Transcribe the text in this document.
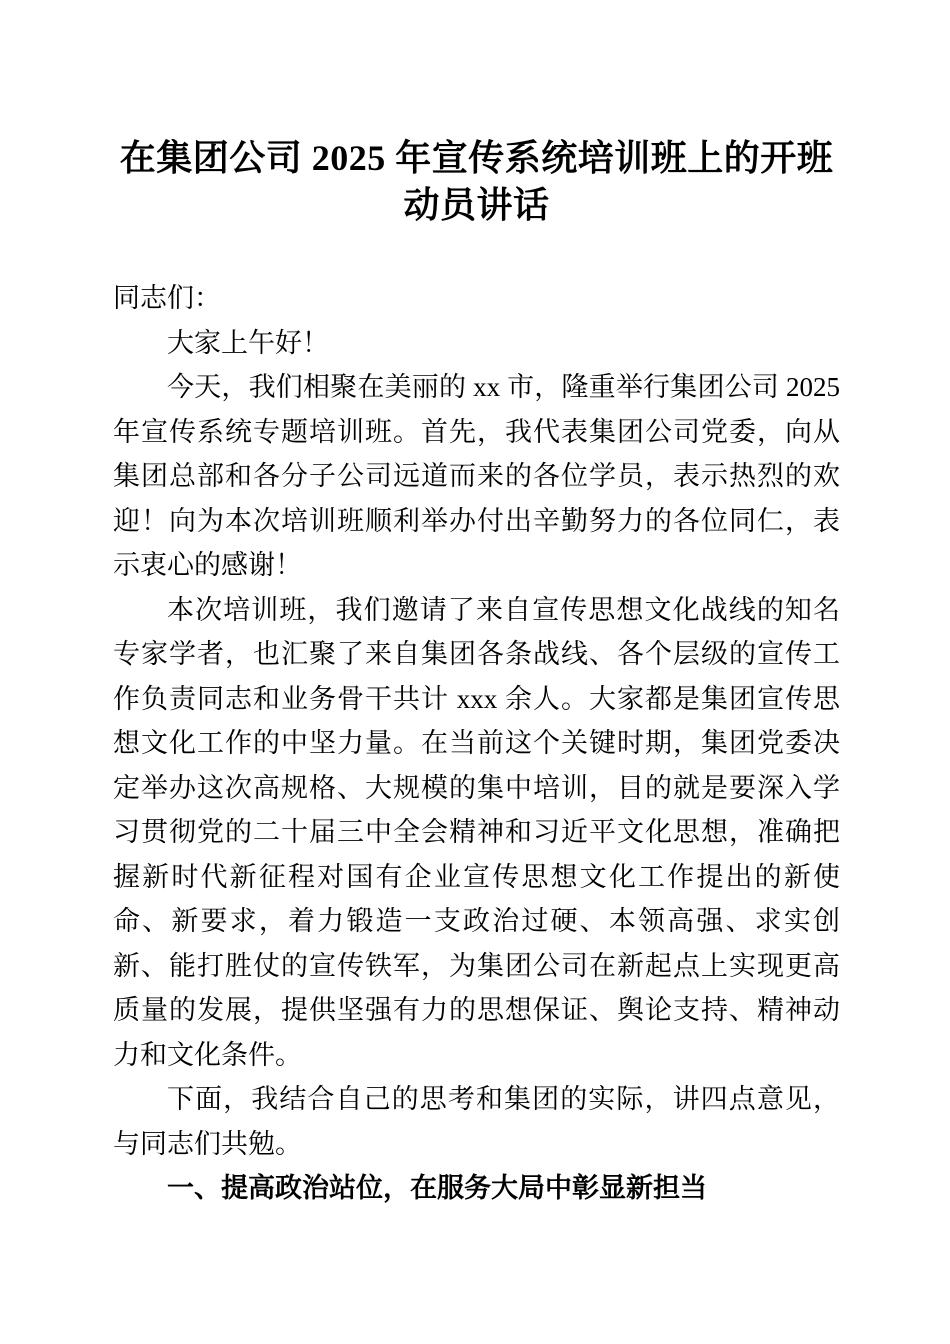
在集团公司 2025 年宣传系统培训班上的开班
动员讲话

同志们：

大家上午好！

今天，我们相聚在美丽的 xx 市，隆重举行集团公司 2025 年宣传系统专题培训班。首先，我代表集团公司党委，向从集团总部和各分子公司远道而来的各位学员，表示热烈的欢迎！向为本次培训班顺利举办付出辛勤努力的各位同仁，表示衷心的感谢！

本次培训班，我们邀请了来自宣传思想文化战线的知名专家学者，也汇聚了来自集团各条战线、各个层级的宣传工作负责同志和业务骨干共计 xxx 余人。大家都是集团宣传思想文化工作的中坚力量。在当前这个关键时期，集团党委决定举办这次高规格、大规模的集中培训，目的就是要深入学习贯彻党的二十届三中全会精神和习近平文化思想，准确把握新时代新征程对国有企业宣传思想文化工作提出的新使命、新要求，着力锻造一支政治过硬、本领高强、求实创新、能打胜仗的宣传铁军，为集团公司在新起点上实现更高质量的发展，提供坚强有力的思想保证、舆论支持、精神动力和文化条件。

下面，我结合自己的思考和集团的实际，讲四点意见，与同志们共勉。

一、提高政治站位，在服务大局中彰显新担当
